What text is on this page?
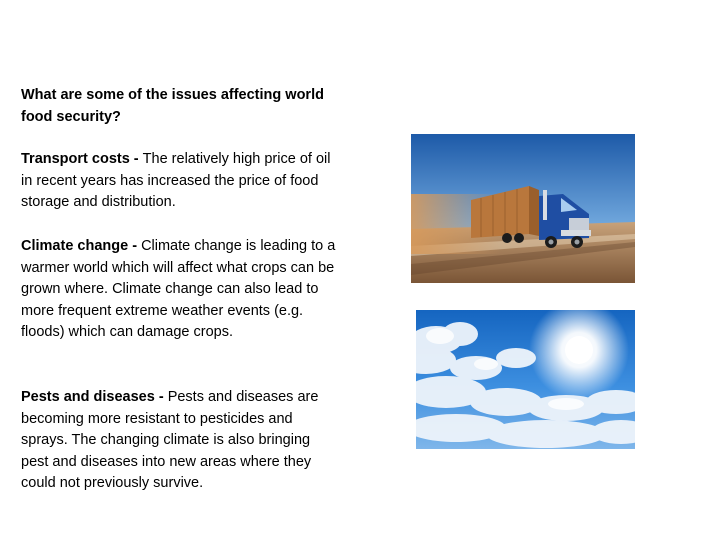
What are some of the issues affecting world food security?

Transport costs - The relatively high price of oil in recent years has increased the price of food storage and distribution.

Climate change - Climate change is leading to a warmer world which will affect what crops can be grown where. Climate change can also lead to more frequent extreme weather events (e.g. floods) which can damage crops.

Pests and diseases - Pests and diseases are becoming more resistant to pesticides and sprays. The changing climate is also bringing pest and diseases into new areas where they could not previously survive.
